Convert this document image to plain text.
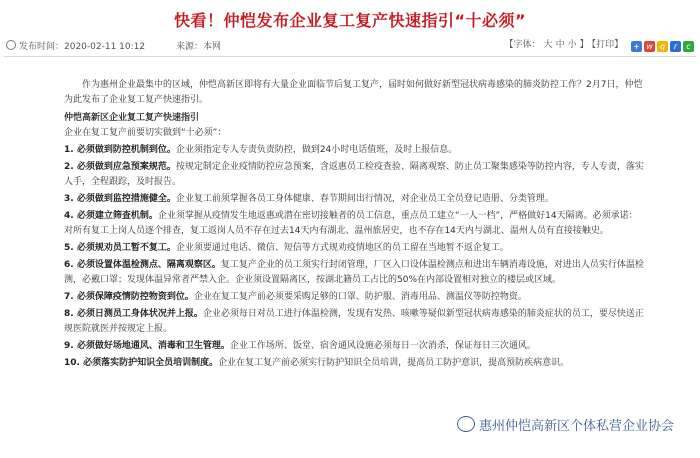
快看！仲恺发布企业复工复产快速指引“十必须”
发布时间：2020-02-11 10:12	来源：本网	【字体： 大 中 小 】 【打印】 + w q r c

作为惠州企业最集中的区域，仲恺高新区即将有大量企业面临节后复工复产，届时如何做好新型冠状病毒感染的肺炎防控工作？2月7日，仲恺为此发布了企业复工复产快速指引。

仲恺高新区企业复工复产快速指引

企业在复工复产前要切实做到“十必须”：

1. 必须做到防控机制到位。企业须指定专人专责负责防控，做到24小时电话值班，及时上报信息。

2. 必须做到应急预案规范。按规定制定企业疫情防控应急预案，含返惠员工检疫查验、隔离观察、防止员工聚集感染等防控内容，专人专责，落实人手，全程跟踪，及时报告。

3. 必须做到监控措施健全。企业复工前须掌握各员工身体健康、春节期间出行情况，对企业员工全员登记造册、分类管理。

4. 必须建立筛查机制。企业须掌握从疫情发生地返惠或潜在密切接触者的员工信息，重点员工建立“一人一档”，严格做好14天隔离。必须承诺：对所有复工上岗人员逐个排查，复工返岗人员不存在过去14天内有湖北、温州旅居史，也不存在14天内与湖北、温州人员有直接接触史。

5. 必须规劝员工暂不复工。企业须要通过电话、微信、短信等方式规劝疫情地区的员工留在当地暂不返企复工。

6. 必须设置体温检测点、隔离观察区。复工复产企业的员工须实行封闭管理，厂区入口设体温检测点和进出车辆消毒设施，对进出人员实行体温检测，必戴口罩；发现体温异常者严禁入企。企业须设置隔离区，按湖北籍员工占比的50%在内部设置相对独立的楼层或区域。

7. 必须保障疫情防控物资到位。企业在复工复产前必须要采购足够的口罩、防护服、消毒用品、测温仪等防控物资。

8. 必须日测员工身体状况并上报。企业必须每日对员工进行体温检测，发现有发热、咳嗽等疑似新型冠状病毒感染的肺炎症状的员工，要尽快送正规医院就医并按规定上报。

9. 必须做好场地通风、消毒和卫生管理。企业工作场所、饭堂、宿舍通风设施必须每日一次消杀，保证每日三次通风。

10. 必须落实防护知识全员培训制度。企业在复工复产前必须实行防护知识全员培训，提高员工防护意识，提高预防疾病意识。

惠州仲恺高新区个体私营企业协会
